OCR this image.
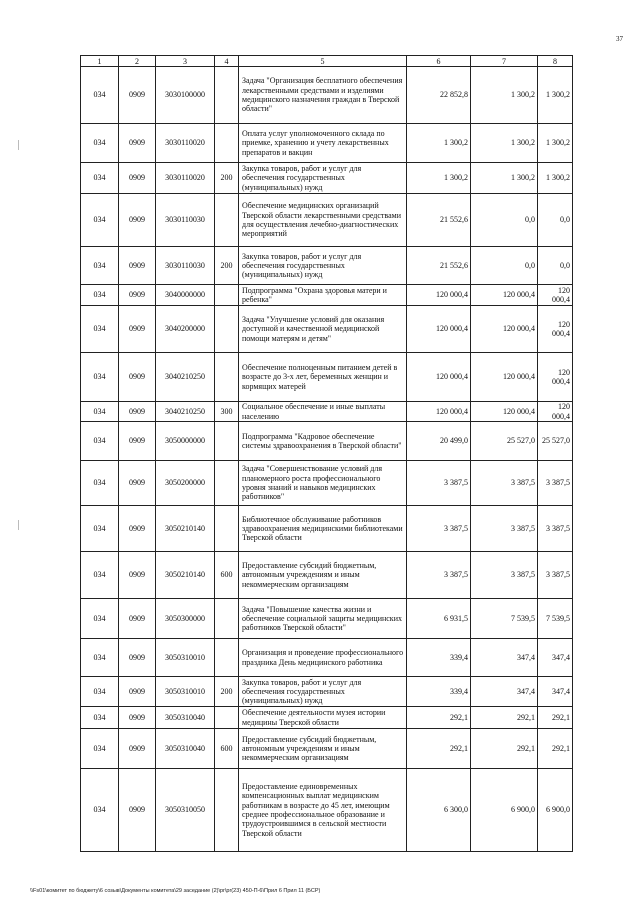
37
1	2	3	4	5	6	7	8
034	0909	3030100000		Задача "Организация бесплатного обеспечения лекарственными средствами и изделиями медицинского назначения граждан в Тверской области"	22 852,8	1 300,2	1 300,2
034	0909	3030110020		Оплата услуг уполномоченного склада по приемке, хранению и учету лекарственных препаратов и вакцин	1 300,2	1 300,2	1 300,2
034	0909	3030110020	200	Закупка товаров, работ и услуг для обеспечения государственных (муниципальных) нужд	1 300,2	1 300,2	1 300,2
034	0909	3030110030		Обеспечение медицинских организаций Тверской области лекарственными средствами для осуществления лечебно-диагностических мероприятий	21 552,6	0,0	0,0
034	0909	3030110030	200	Закупка товаров, работ и услуг для обеспечения государственных (муниципальных) нужд	21 552,6	0,0	0,0
034	0909	3040000000		Подпрограмма "Охрана здоровья матери и ребенка"	120 000,4	120 000,4	120 000,4
034	0909	3040200000		Задача "Улучшение условий для оказания доступной и качественной медицинской помощи матерям и детям"	120 000,4	120 000,4	120 000,4
034	0909	3040210250		Обеспечение полноценным питанием детей в возрасте до 3-х лет, беременных женщин и кормящих матерей	120 000,4	120 000,4	120 000,4
034	0909	3040210250	300	Социальное обеспечение и иные выплаты населению	120 000,4	120 000,4	120 000,4
034	0909	3050000000		Подпрограмма "Кадровое обеспечение системы здравоохранения в Тверской области"	20 499,0	25 527,0	25 527,0
034	0909	3050200000		Задача "Совершенствование условий для планомерного роста профессионального уровня знаний и навыков медицинских работников"	3 387,5	3 387,5	3 387,5
034	0909	3050210140		Библиотечное обслуживание работников здравоохранения медицинскими библиотеками Тверской области	3 387,5	3 387,5	3 387,5
034	0909	3050210140	600	Предоставление субсидий бюджетным, автономным учреждениям и иным некоммерческим организациям	3 387,5	3 387,5	3 387,5
034	0909	3050300000		Задача "Повышение качества жизни и обеспечение социальной защиты медицинских работников Тверской области"	6 931,5	7 539,5	7 539,5
034	0909	3050310010		Организация и проведение профессионального праздника День медицинского работника	339,4	347,4	347,4
034	0909	3050310010	200	Закупка товаров, работ и услуг для обеспечения государственных (муниципальных) нужд	339,4	347,4	347,4
034	0909	3050310040		Обеспечение деятельности музея истории медицины Тверской области	292,1	292,1	292,1
034	0909	3050310040	600	Предоставление субсидий бюджетным, автономным учреждениям и иным некоммерческим организациям	292,1	292,1	292,1
034	0909	3050310050		Предоставление единовременных компенсационных выплат медицинским работникам в возрасте до 45 лет, имеющим среднее профессиональное образование и трудоустроившимся в сельской местности Тверской области	6 300,0	6 900,0	6 900,0
\\Fs01\комитет по бюджету\6 созыв\Документы комитета\29 заседание (2)\pr\pr(23) 450-П-6\Прил 6 Прил 11 (БСР)
